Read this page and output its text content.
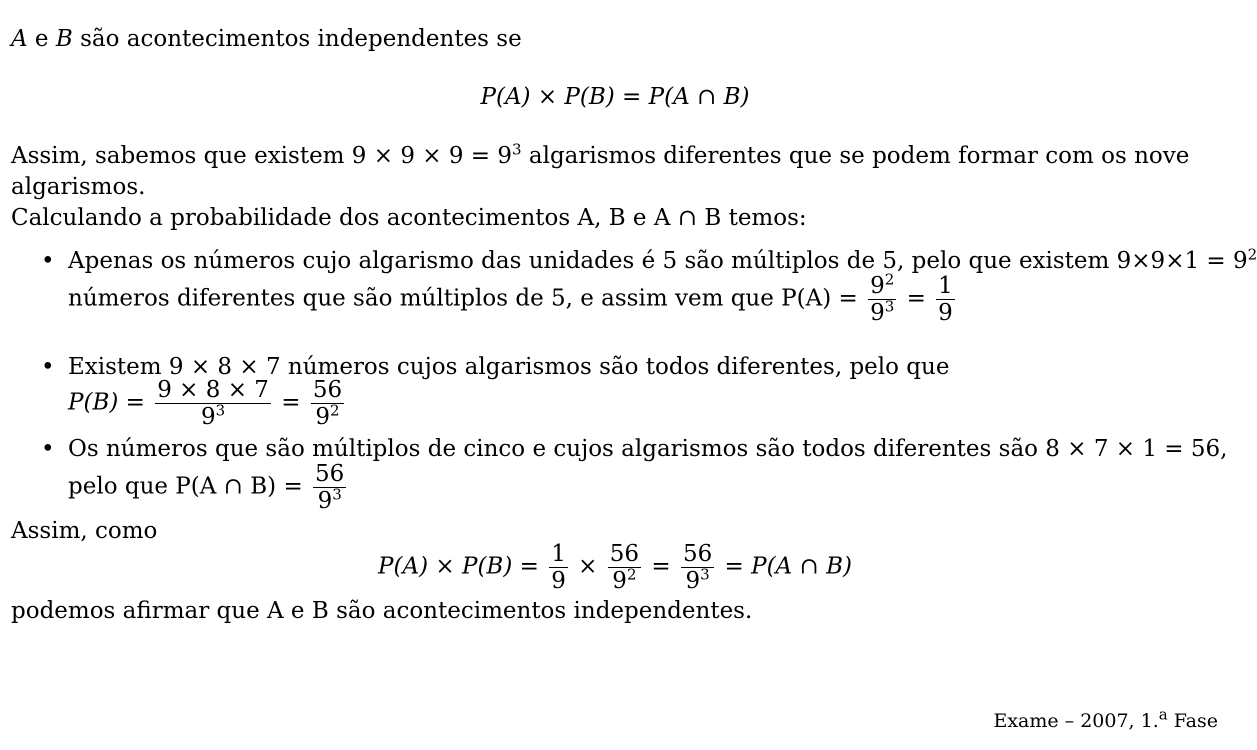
A e B são acontecimentos independentes se
P(A) × P(B) = P(A ∩ B)
Assim, sabemos que existem $9 \times 9 \times 9 = 9^3$ algarismos diferentes que se podem formar com os nove
algarismos.
Calculando a probabilidade dos acontecimentos A, B e A ∩ B temos:
• Apenas os números cujo algarismo das unidades é 5 são múltiplos de 5, pelo que existem $9\times 9\times 1 = 9^2$
números diferentes que são múltiplos de 5, e assim vem que $P(A) = \frac{9^2}{9^3} = \frac{1}{9}$
• Existem 9 × 8 × 7 números cujos algarismos são todos diferentes, pelo que
$P(B) = \frac{9 \times 8 \times 7}{9^3} = \frac{56}{9^2}$
• Os números que são múltiplos de cinco e cujos algarismos são todos diferentes são 8 × 7 × 1 = 56,
pelo que P(A ∩ $B) = \frac{56}{9^3}$
Assim, como
$P(A) \times P(B) = \frac{1}{9} \times \frac{56}{9^2} = \frac{56}{9^3} = P(A$ ∩ B)
podemos afirmar que A e B são acontecimentos independentes.
Exame – 2007, 1.$^a$ Fase
